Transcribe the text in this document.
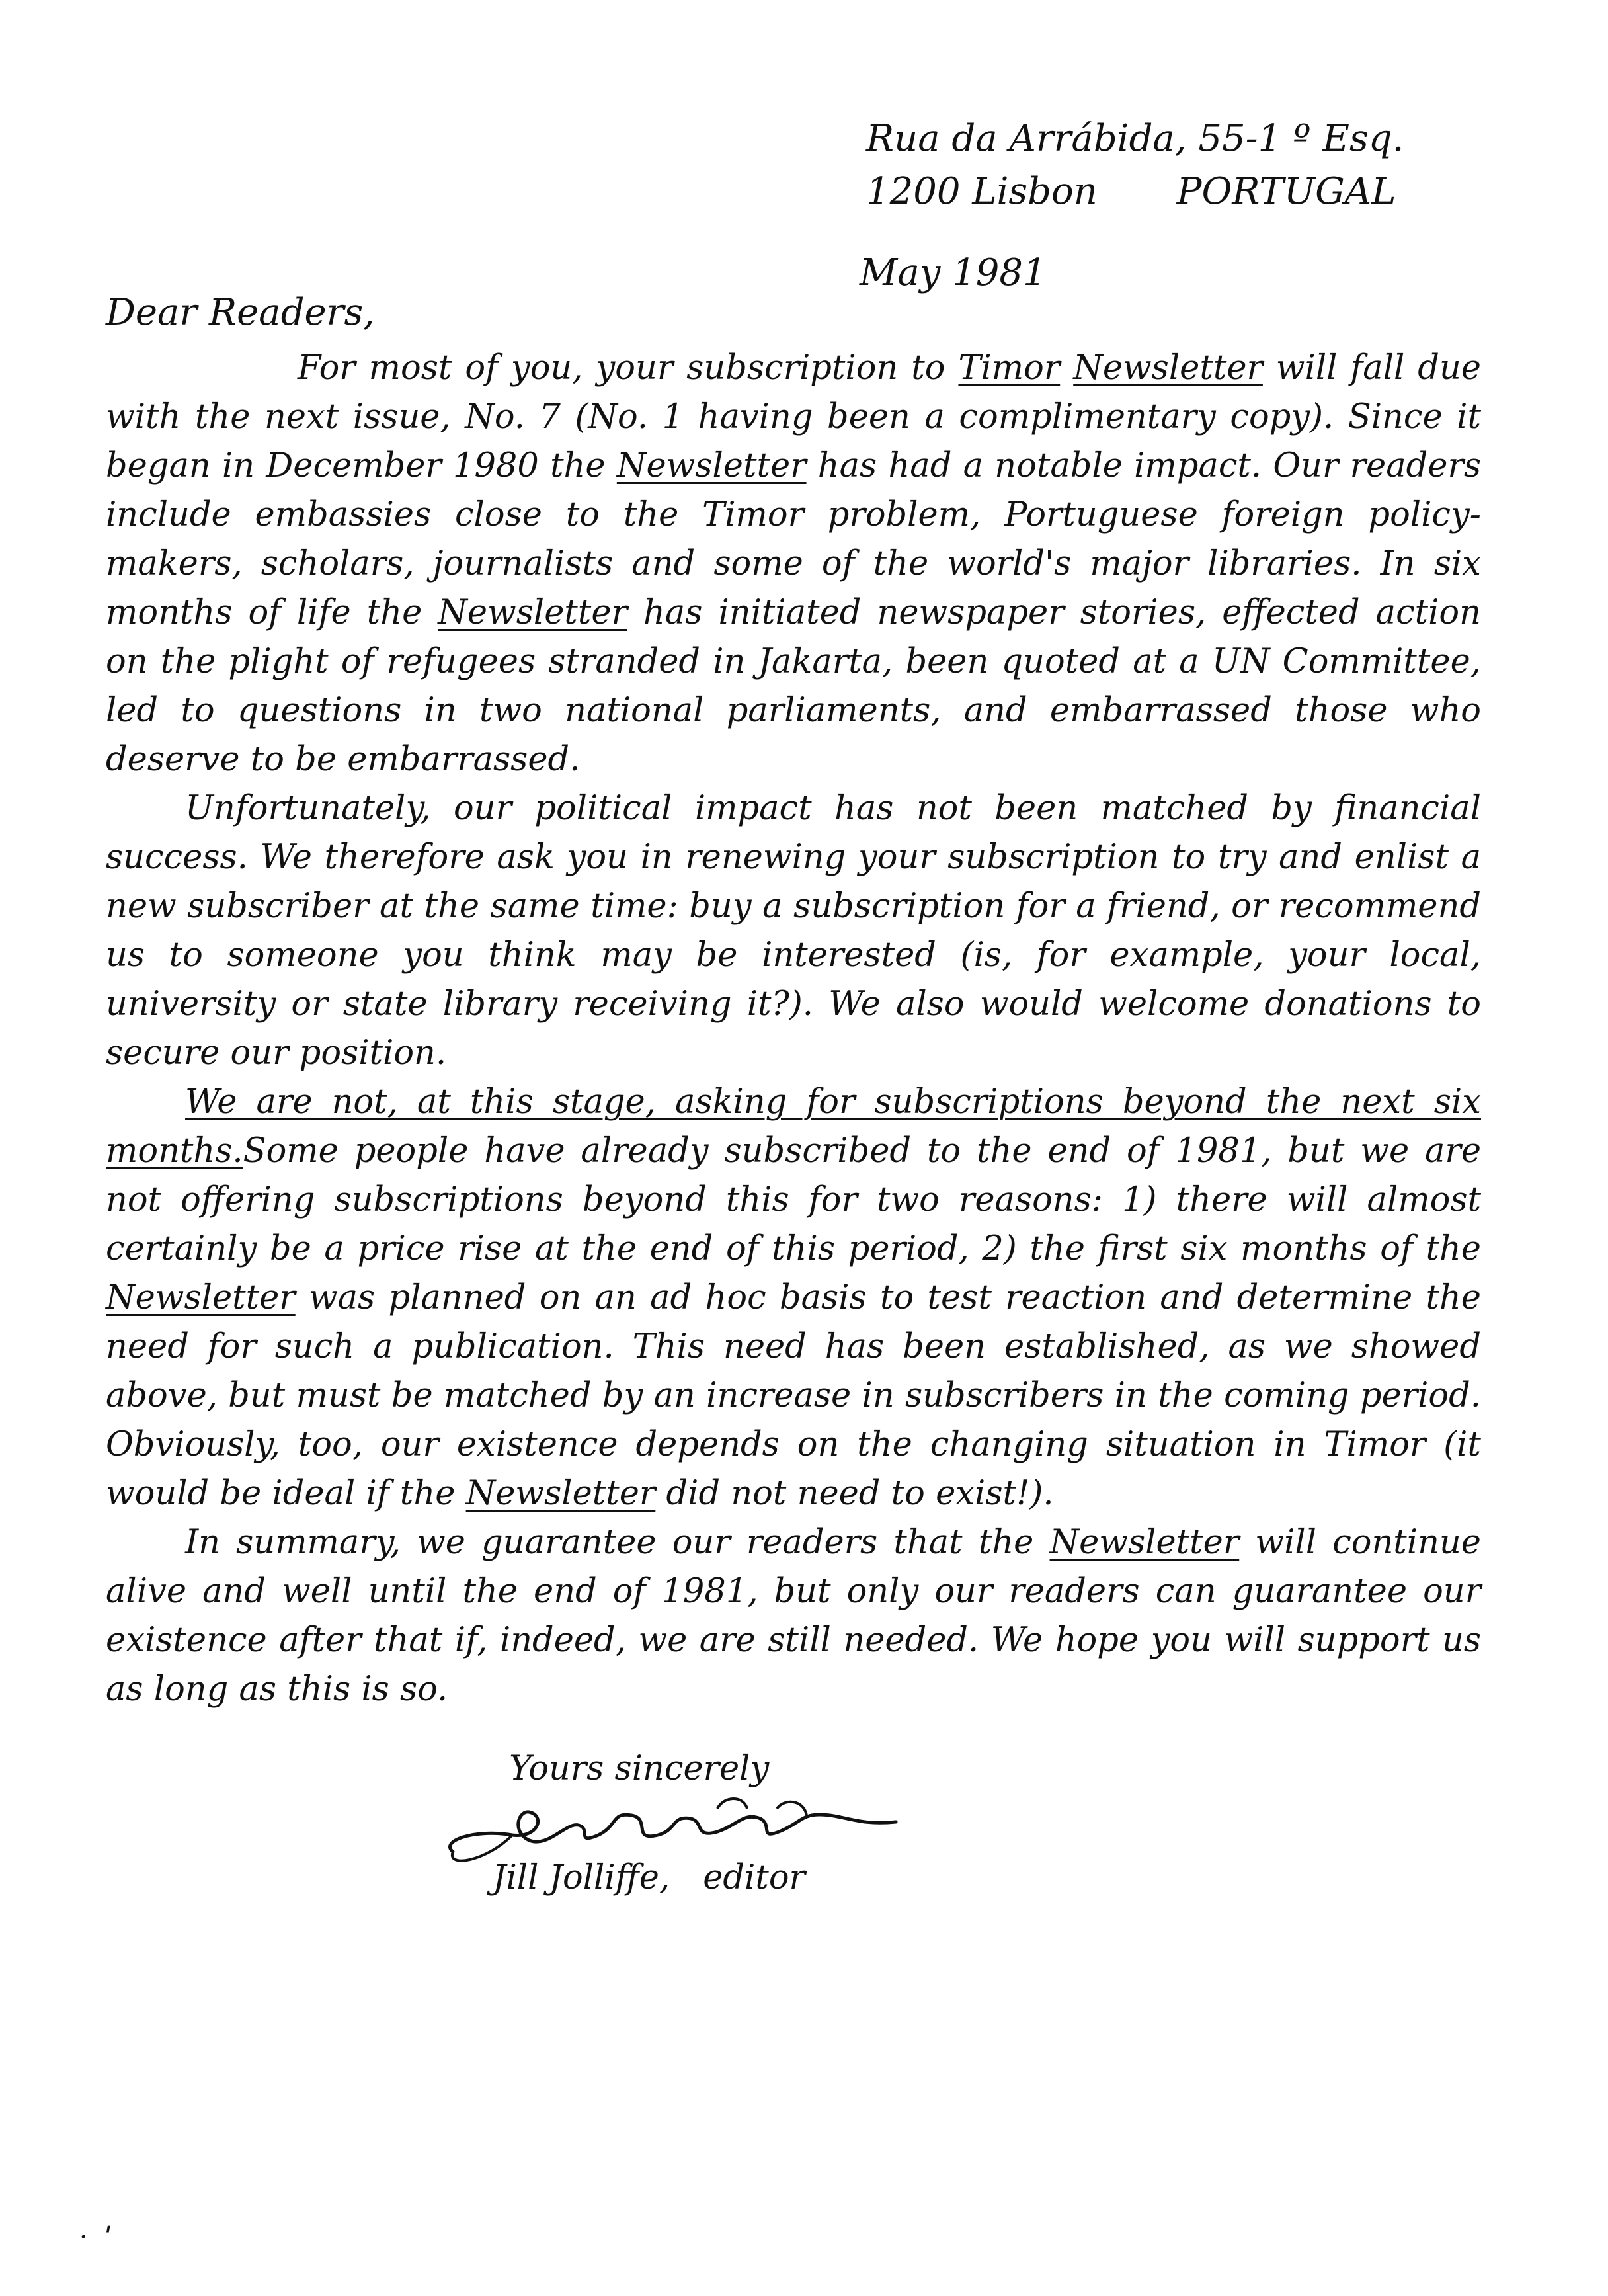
Rua da Arrábida, 55-1 º Esq.
1200 Lisbon PORTUGAL
May 1981
Dear Readers,

For most of you, your subscription to Timor Newsletter will fall due with the next issue, No. 7 (No. 1 having been a complimentary copy). Since it began in December 1980 the Newsletter has had a notable impact. Our readers include embassies close to the Timor problem, Portuguese foreign policy-makers, scholars, journalists and some of the world's major libraries. In six months of life the Newsletter has initiated newspaper stories, effected action on the plight of refugees stranded in Jakarta, been quoted at a UN Committee, led to questions in two national parliaments, and embarrassed those who deserve to be embarrassed.

Unfortunately, our political impact has not been matched by financial success. We therefore ask you in renewing your subscription to try and enlist a new subscriber at the same time: buy a subscription for a friend, or recommend us to someone you think may be interested (is, for example, your local, university or state library receiving it?). We also would welcome donations to secure our position.

We are not, at this stage, asking for subscriptions beyond the next six months.Some people have already subscribed to the end of 1981, but we are not offering subscriptions beyond this for two reasons: 1) there will almost certainly be a price rise at the end of this period, 2) the first six months of the Newsletter was planned on an ad hoc basis to test reaction and determine the need for such a publication. This need has been established, as we showed above, but must be matched by an increase in subscribers in the coming period. Obviously, too, our existence depends on the changing situation in Timor (it would be ideal if the Newsletter did not need to exist!).

In summary, we guarantee our readers that the Newsletter will continue alive and well until the end of 1981, but only our readers can guarantee our existence after that if, indeed, we are still needed. We hope you will support us as long as this is so.

Yours sincerely
Jill Jolliffe, editor
·  ˈ
